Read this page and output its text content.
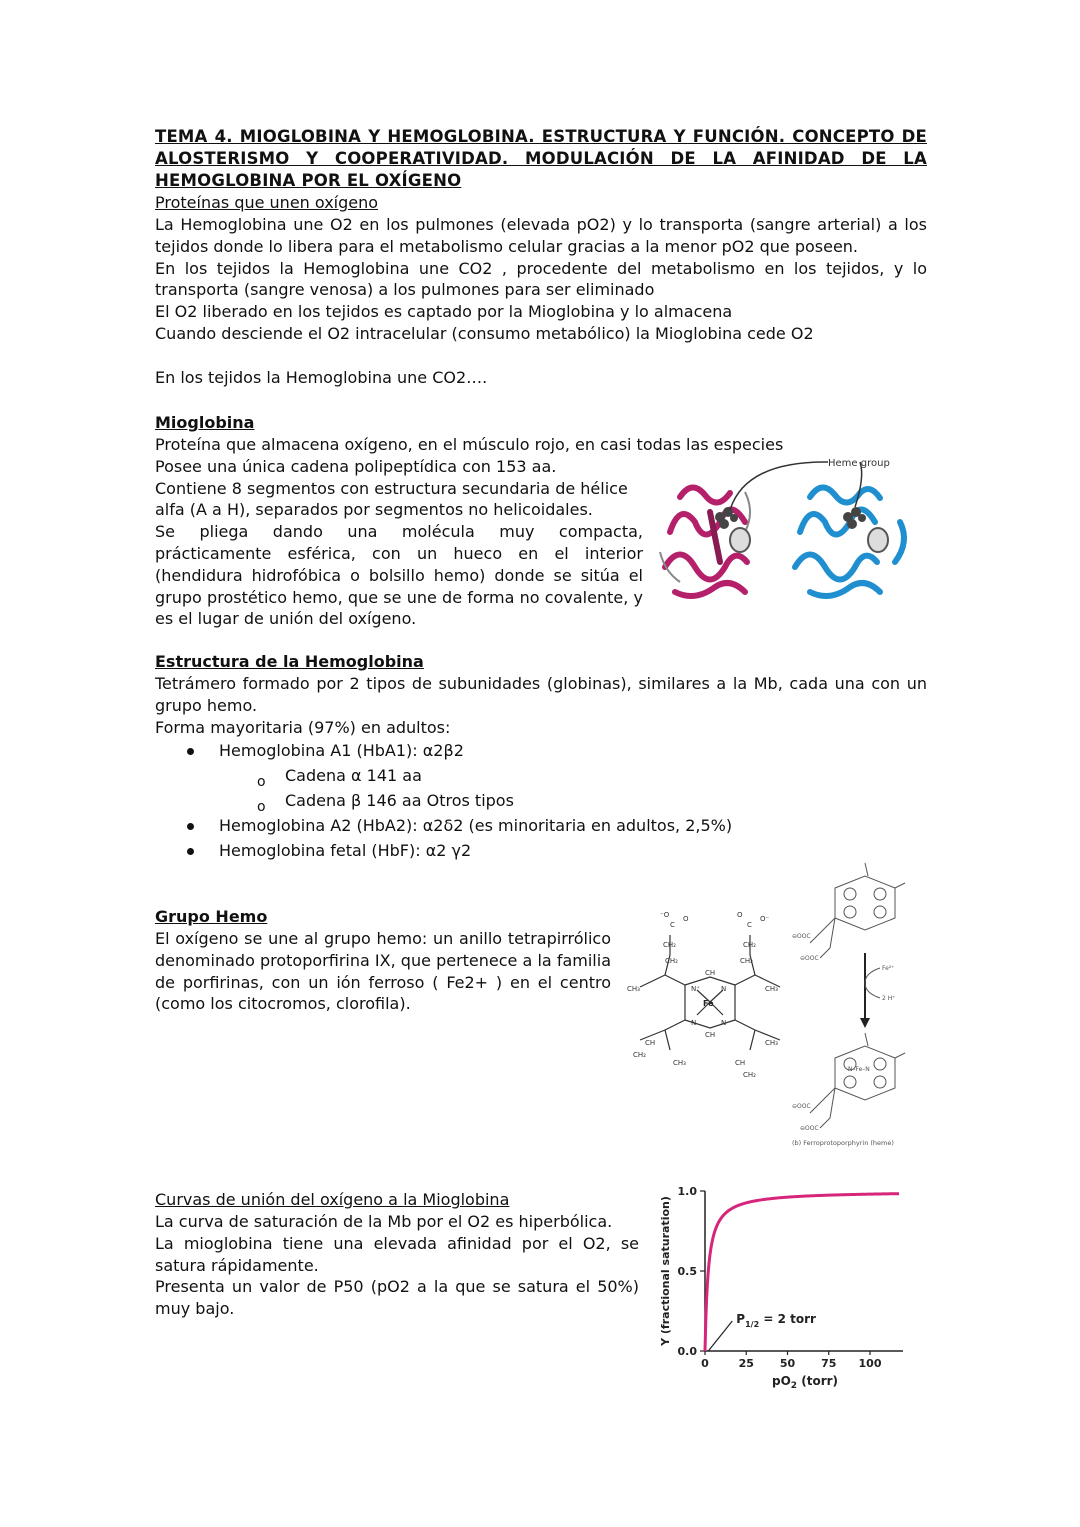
TEMA 4. MIOGLOBINA Y HEMOGLOBINA. ESTRUCTURA Y FUNCIÓN. CONCEPTO DE ALOSTERISMO Y COOPERATIVIDAD. MODULACIÓN DE LA AFINIDAD DE LA HEMOGLOBINA POR EL OXÍGENO
Proteínas que unen oxígeno

La Hemoglobina une O2 en los pulmones (elevada pO2) y lo transporta (sangre arterial) a los tejidos donde lo libera para el metabolismo celular gracias a la menor pO2 que poseen.

En los tejidos la Hemoglobina une CO2 , procedente del metabolismo en los tejidos, y lo transporta (sangre venosa) a los pulmones para ser eliminado

El O2 liberado en los tejidos es captado por la Mioglobina y lo almacena

Cuando desciende el O2 intracelular (consumo metabólico) la Mioglobina cede O2

En los tejidos la Hemoglobina une CO2….

Mioglobina

Proteína que almacena oxígeno, en el músculo rojo, en casi todas las especies

Posee una única cadena polipeptídica con 153 aa.

Contiene 8 segmentos con estructura secundaria de hélice alfa (A a H), separados por segmentos no helicoidales.

Se pliega dando una molécula muy compacta, prácticamente esférica, con un hueco en el interior (hendidura hidrofóbica o bolsillo hemo) donde se sitúa el grupo prostético hemo, que se une de forma no covalente, y es el lugar de unión del oxígeno.

Heme group
Estructura de la Hemoglobina

Tetrámero formado por 2 tipos de subunidades (globinas), similares a la Mb, cada una con un grupo hemo.

Forma mayoritaria (97%) en adultos:

Hemoglobina A1 (HbA1): α2β2
o Cadena α 141 aa
o Cadena β 146 aa Otros tipos
Hemoglobina A2 (HbA2): α2δ2 (es minoritaria en adultos, 2,5%)
Hemoglobina fetal (HbF): α2 γ2
Grupo Hemo

El oxígeno se une al grupo hemo: un anillo tetrapirrólico denominado protoporfirina IX, que pertenece a la familia de porfirinas, con un ión ferroso ( Fe2+ ) en el centro (como los citocromos, clorofila).

⁻O
C
O	O
C
O⁻
CH₂	CH₂
CH₂	CH₂
CH₃	CH₃
N⁺	N
N	N
CH
CH₂
CH₃
CH₃	CH
CH₂
CH
CH
Fe
⊖OOC
⊖OOC
⊖OOC
⊖OOC
N–Fe–N
Fe²⁺
2 H⁺
(b) Ferroprotoporphyrin (heme)
Curvas de unión del oxígeno a la Mioglobina

La curva de saturación de la Mb por el O2 es hiperbólica.

La mioglobina tiene una elevada afinidad por el O2, se satura rápidamente.

Presenta un valor de P50 (pO2 a la que se satura el 50%) muy bajo.	Y (fractional saturation)
$pO_2$ (torr)
0.0
0.5
1.0
0	25 50 75 100
$P_{1/2} = 2$ torr
